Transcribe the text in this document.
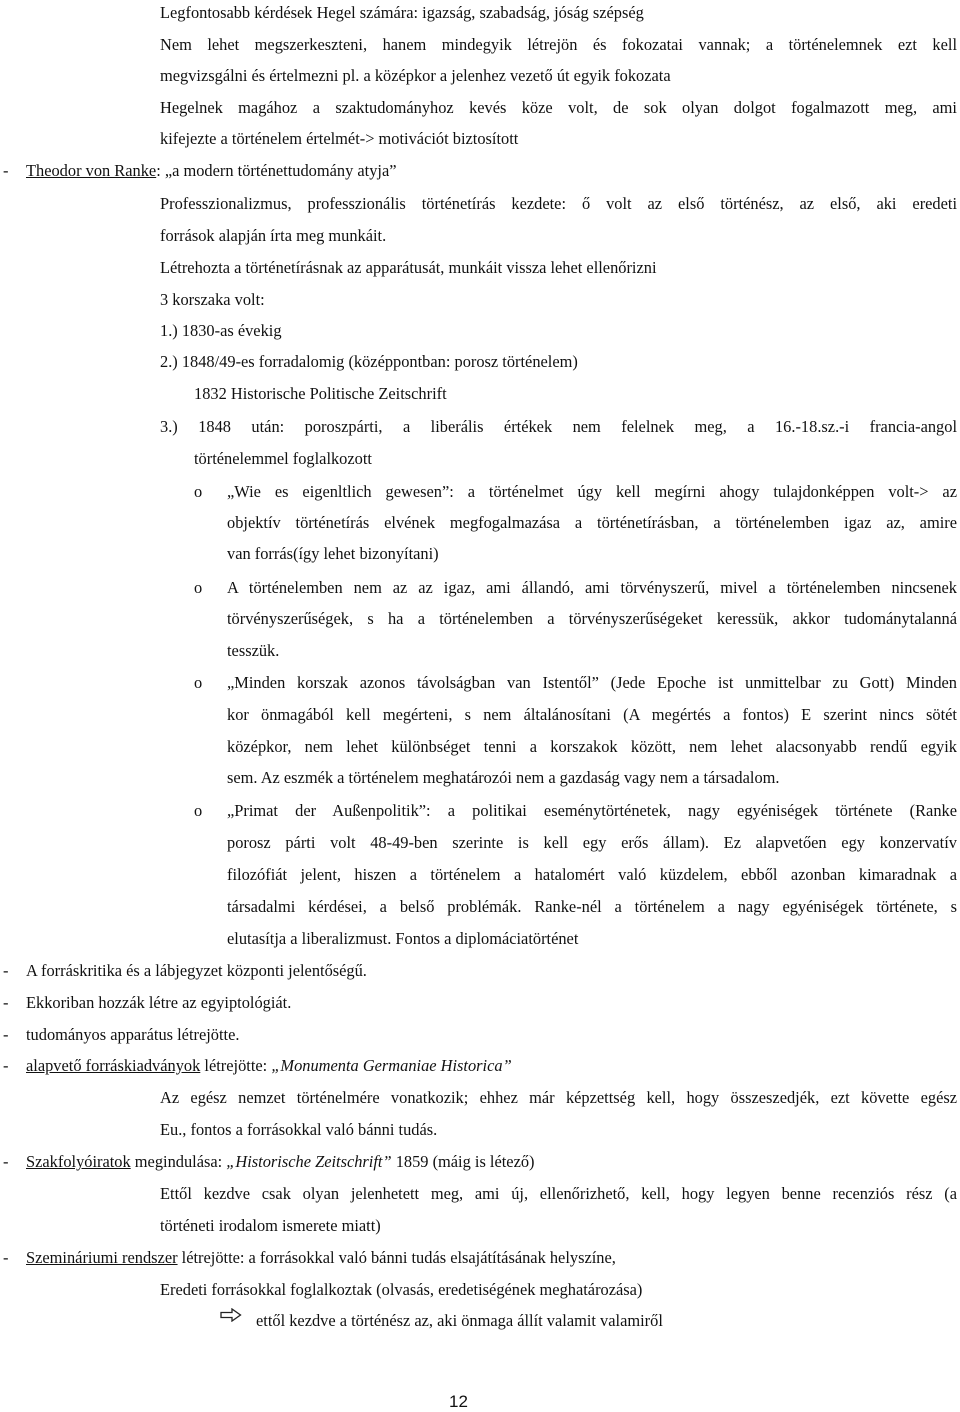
Legfontosabb kérdések Hegel számára: igazság, szabadság, jóság szépség
Nem lehet megszerkeszteni, hanem mindegyik létrejön és fokozatai vannak; a történelemnek ezt kell
megvizsgálni és értelmezni pl. a középkor a jelenhez vezető út egyik fokozata
Hegelnek magához a szaktudományhoz kevés köze volt, de sok olyan dolgot fogalmazott meg, ami
kifejezte a történelem értelmét-> motivációt biztosított
- Theodor von Ranke: „a modern történettudomány atyja”
Professzionalizmus, professzionális történetírás kezdete: ő volt az első történész, az első, aki eredeti
források alapján írta meg munkáit.
Létrehozta a történetírásnak az apparátusát, munkáit vissza lehet ellenőrizni
3 korszaka volt:
1.) 1830-as évekig
2.) 1848/49-es forradalomig (középpontban: porosz történelem)
1832 Historische Politische Zeitschrift
3.) 1848 után: poroszpárti, a liberális értékek nem felelnek meg, a 16.-18.sz.-i francia-angol
történelemmel foglalkozott
o „Wie es eigenltlich gewesen”: a történelmet úgy kell megírni ahogy tulajdonképpen volt-> az
objektív történetírás elvének megfogalmazása a történetírásban, a történelemben igaz az, amire
van forrás(így lehet bizonyítani)
o A történelemben nem az az igaz, ami állandó, ami törvényszerű, mivel a történelemben nincsenek
törvényszerűségek, s ha a történelemben a törvényszerűségeket keressük, akkor tudománytalanná
tesszük.
o „Minden korszak azonos távolságban van Istentől” (Jede Epoche ist unmittelbar zu Gott) Minden
kor önmagából kell megérteni, s nem általánosítani (A megértés a fontos) E szerint nincs sötét
középkor, nem lehet különbséget tenni a korszakok között, nem lehet alacsonyabb rendű egyik
sem. Az eszmék a történelem meghatározói nem a gazdaság vagy nem a társadalom.
o „Primat der Außenpolitik”: a politikai eseménytörténetek, nagy egyéniségek története (Ranke
porosz párti volt 48-49-ben szerinte is kell egy erős állam). Ez alapvetően egy konzervatív
filozófiát jelent, hiszen a történelem a hatalomért való küzdelem, ebből azonban kimaradnak a
társadalmi kérdései, a belső problémák. Ranke-nél a történelem a nagy egyéniségek története, s
elutasítja a liberalizmust. Fontos a diplomáciatörténet
- A forráskritika és a lábjegyzet központi jelentőségű.
- Ekkoriban hozzák létre az egyiptológiát.
- tudományos apparátus létrejötte.
- alapvető forráskiadványok létrejötte: „Monumenta Germaniae Historica”
Az egész nemzet történelmére vonatkozik; ehhez már képzettség kell, hogy összeszedjék, ezt követte egész
Eu., fontos a forrásokkal való bánni tudás.
- Szakfolyóiratok megindulása: „Historische Zeitschrift” 1859 (máig is létező)
Ettől kezdve csak olyan jelenhetett meg, ami új, ellenőrizhető, kell, hogy legyen benne recenziós rész (a
történeti irodalom ismerete miatt)
- Szemináriumi rendszer létrejötte: a forrásokkal való bánni tudás elsajátításának helyszíne,
Eredeti forrásokkal foglalkoztak (olvasás, eredetiségének meghatározása)
ettől kezdve a történész az, aki önmaga állít valamit valamiről
12
